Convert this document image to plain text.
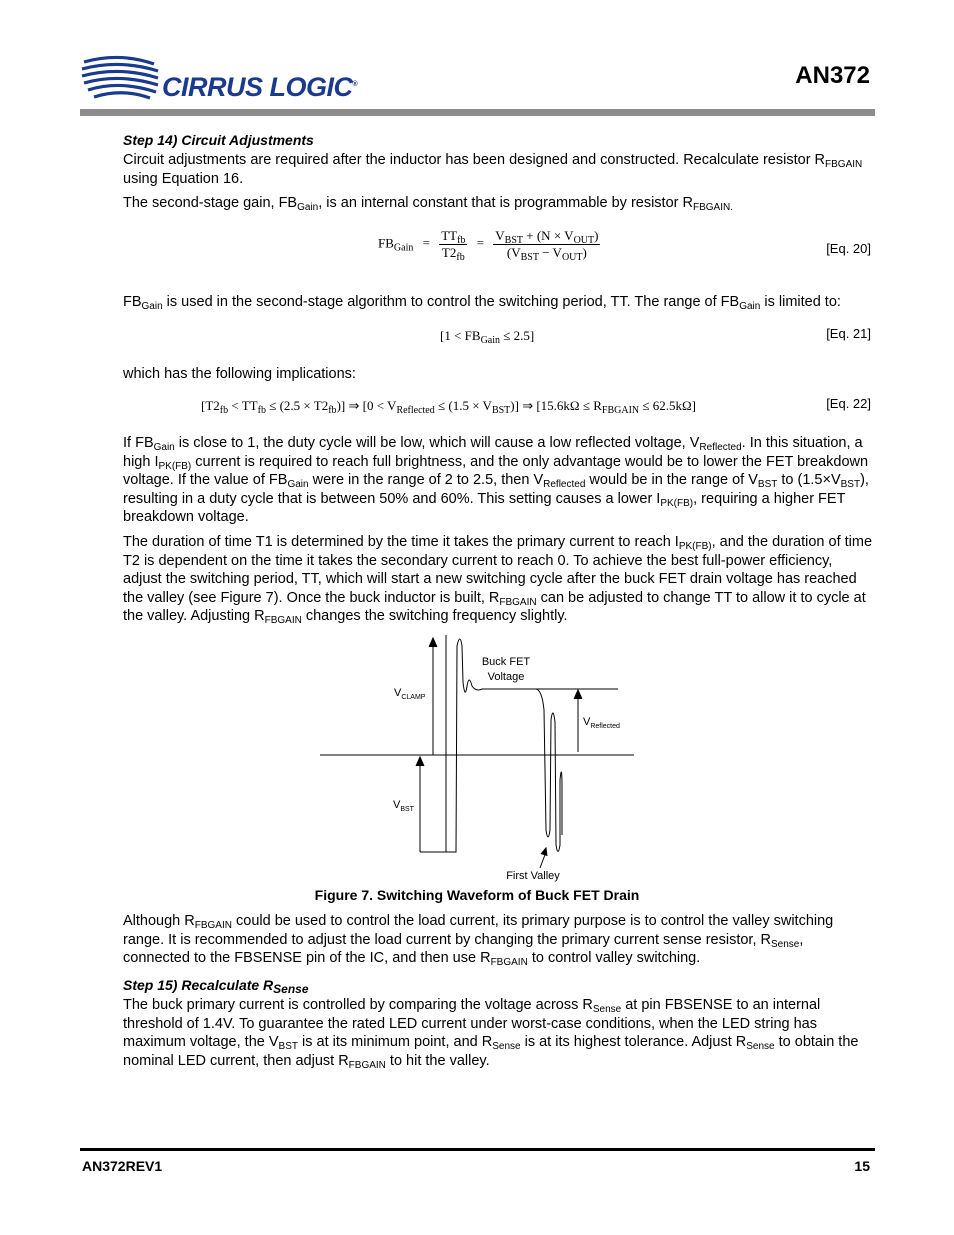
CIRRUS LOGIC®	AN372
Step 14) Circuit Adjustments
Circuit adjustments are required after the inductor has been designed and constructed. Recalculate resistor $R_{FBGAIN}$ using Equation 16.
The second-stage gain, $FB_{Gain}$, is an internal constant that is programmable by resistor $R_{FBGAIN.}$
$FB_{Gain} = \frac{TT_{fb}}{T2_{fb}} = \frac{V_{BST} + (N \times V_{OUT})}{(V_{BST} - V_{OUT})}$	[Eq. 20]
$FB_{Gain}$ is used in the second-stage algorithm to control the switching period, TT. The range of $FB_{Gain}$ is limited to:
$[1 < FB_{Gain} \le 2.5]$	[Eq. 21]
which has the following implications:
$[T2_{fb} < TT_{fb} \le (2.5 \times T2_{fb})]$ ⇒ $[0 < V_{Reflected} \le (1.5 \times V_{BST})]$ ⇒ $[15.6k\Omega \le R_{FBGAIN} \le 62.5k\Omega]$	[Eq. 22]
If $FB_{Gain}$ is close to 1, the duty cycle will be low, which will cause a low reflected voltage, $V_{Reflected}$. In this situation, a high $I_{PK(FB)}$ current is required to reach full brightness, and the only advantage would be to lower the FET breakdown voltage. If the value of $FB_{Gain}$ were in the range of 2 to 2.5, then $V_{Reflected}$ would be in the range of $V_{BST}$ to $(1.5\times V_{BST})$, resulting in a duty cycle that is between 50% and 60%. This setting causes a lower $I_{PK(FB)}$, requiring a higher FET breakdown voltage.
The duration of time T1 is determined by the time it takes the primary current to reach $I_{PK(FB)}$, and the duration of time T2 is dependent on the time it takes the secondary current to reach 0. To achieve the best full-power efficiency, adjust the switching period, TT, which will start a new switching cycle after the buck FET drain voltage has reached the valley (see Figure 7). Once the buck inductor is built, $R_{FBGAIN}$ can be adjusted to change TT to allow it to cycle at the valley. Adjusting $R_{FBGAIN}$ changes the switching frequency slightly.
Buck FET
Voltage
$V_{CLAMP}$
$V_{Reflected}$
$V_{BST}$
First Valley
Figure 7. Switching Waveform of Buck FET Drain
Although $R_{FBGAIN}$ could be used to control the load current, its primary purpose is to control the valley switching range. It is recommended to adjust the load current by changing the primary current sense resistor, $R_{Sense}$, connected to the FBSENSE pin of the IC, and then use $R_{FBGAIN}$ to control valley switching.
Step 15) Recalculate $R_{Sense}$
The buck primary current is controlled by comparing the voltage across $R_{Sense}$ at pin FBSENSE to an internal threshold of 1.4V. To guarantee the rated LED current under worst-case conditions, when the LED string has maximum voltage, the $V_{BST}$ is at its minimum point, and $R_{Sense}$ is at its highest tolerance. Adjust $R_{Sense}$ to obtain the nominal LED current, then adjust $R_{FBGAIN}$ to hit the valley.
AN372REV1	15
